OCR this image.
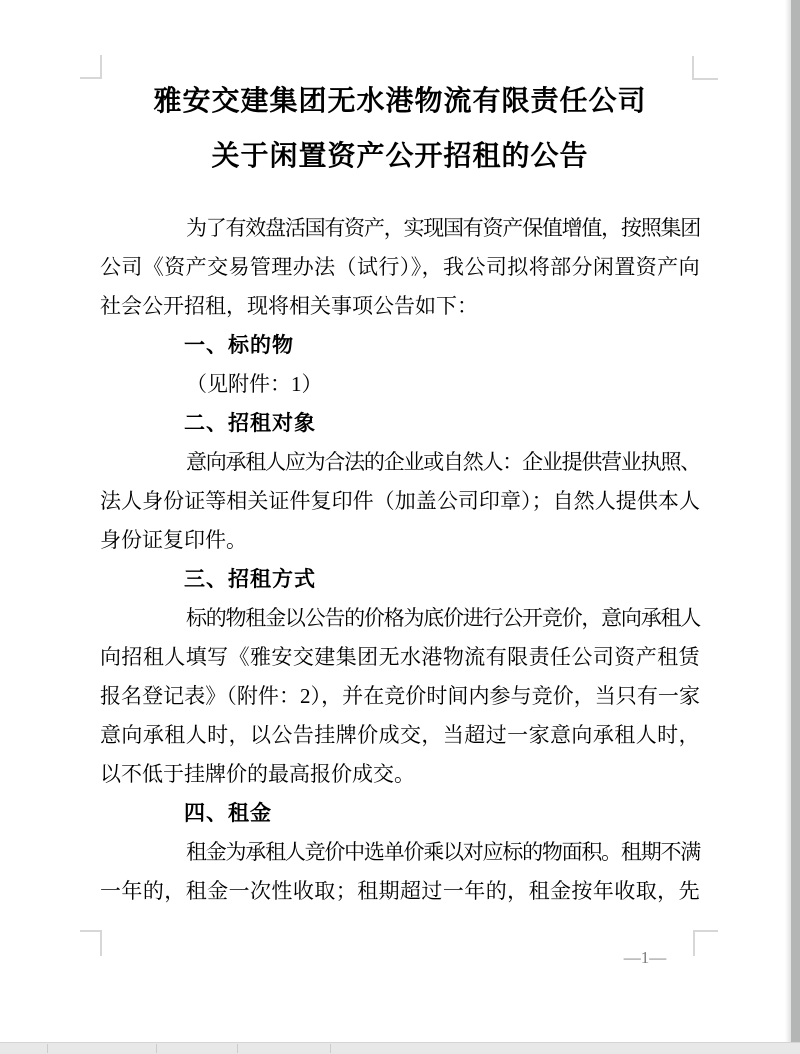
雅安交建集团无水港物流有限责任公司
关于闲置资产公开招租的公告
为了有效盘活国有资产，实现国有资产保值增值，按照集团
公司《资产交易管理办法（试行）》，我公司拟将部分闲置资产向
社会公开招租，现将相关事项公告如下：
一、标的物
（见附件：1）
二、招租对象
意向承租人应为合法的企业或自然人：企业提供营业执照、
法人身份证等相关证件复印件（加盖公司印章）；自然人提供本人
身份证复印件。
三、招租方式
标的物租金以公告的价格为底价进行公开竞价，意向承租人
向招租人填写《雅安交建集团无水港物流有限责任公司资产租赁
报名登记表》（附件：2），并在竞价时间内参与竞价，当只有一家
意向承租人时，以公告挂牌价成交，当超过一家意向承租人时，
以不低于挂牌价的最高报价成交。
四、租金
租金为承租人竞价中选单价乘以对应标的物面积。租期不满
一年的，租金一次性收取；租期超过一年的，租金按年收取，先
—1—
